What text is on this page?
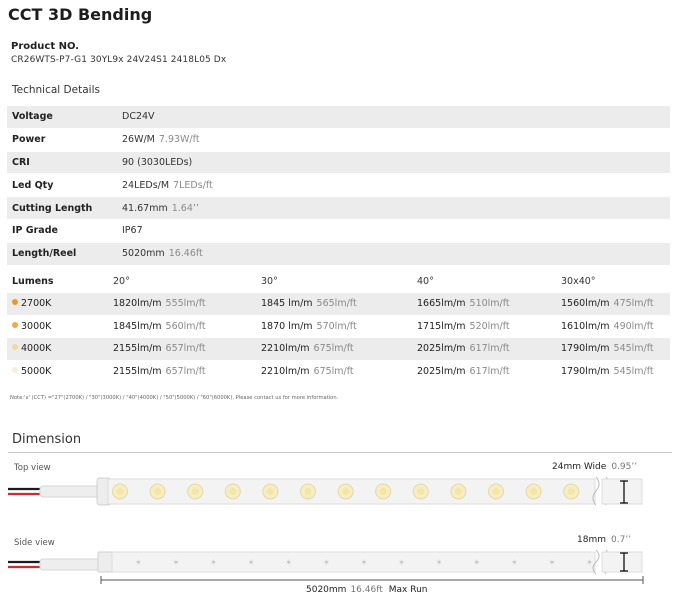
CCT 3D Bending
Product NO.
CR26WTS-P7-G1 30YL9x 24V24S1 2418L05 Dx
Technical Details
Voltage	DC24V
Power	26W/M 7.93W/ft
CRI	90 (3030LEDs)
Led Qty	24LEDs/M 7LEDs/ft
Cutting Length	41.67mm 1.64’’
IP Grade	IP67
Length/Reel	5020mm 16.46ft
Lumens	20°	30°	40°	30x40°
2700K	1820lm/m 555lm/ft	1845 lm/m 565lm/ft	1665lm/m 510lm/ft	1560lm/m 475lm/ft
3000K	1845lm/m 560lm/ft	1870 lm/m 570lm/ft	1715lm/m 520lm/ft	1610lm/m 490lm/ft
4000K	2155lm/m 657lm/ft	2210lm/m 675lm/ft	2025lm/m 617lm/ft	1790lm/m 545lm/ft
5000K	2155lm/m 657lm/ft	2210lm/m 675lm/ft	2025lm/m 617lm/ft	1790lm/m 545lm/ft
Note:'x' (CCT) ="27"(2700K) / "30"(3000K) / "40"(4000K) / "50"(5000K) / "60"(6000K), Please contact us for more information.
Dimension
Top view
Side view
24mm Wide 0.95’’
18mm 0.7’’
5020mm 16.46ft Max Run
✶	✶	✶	✶	✶	✶	✶	✶	✶	✶	✶	✶	✶
